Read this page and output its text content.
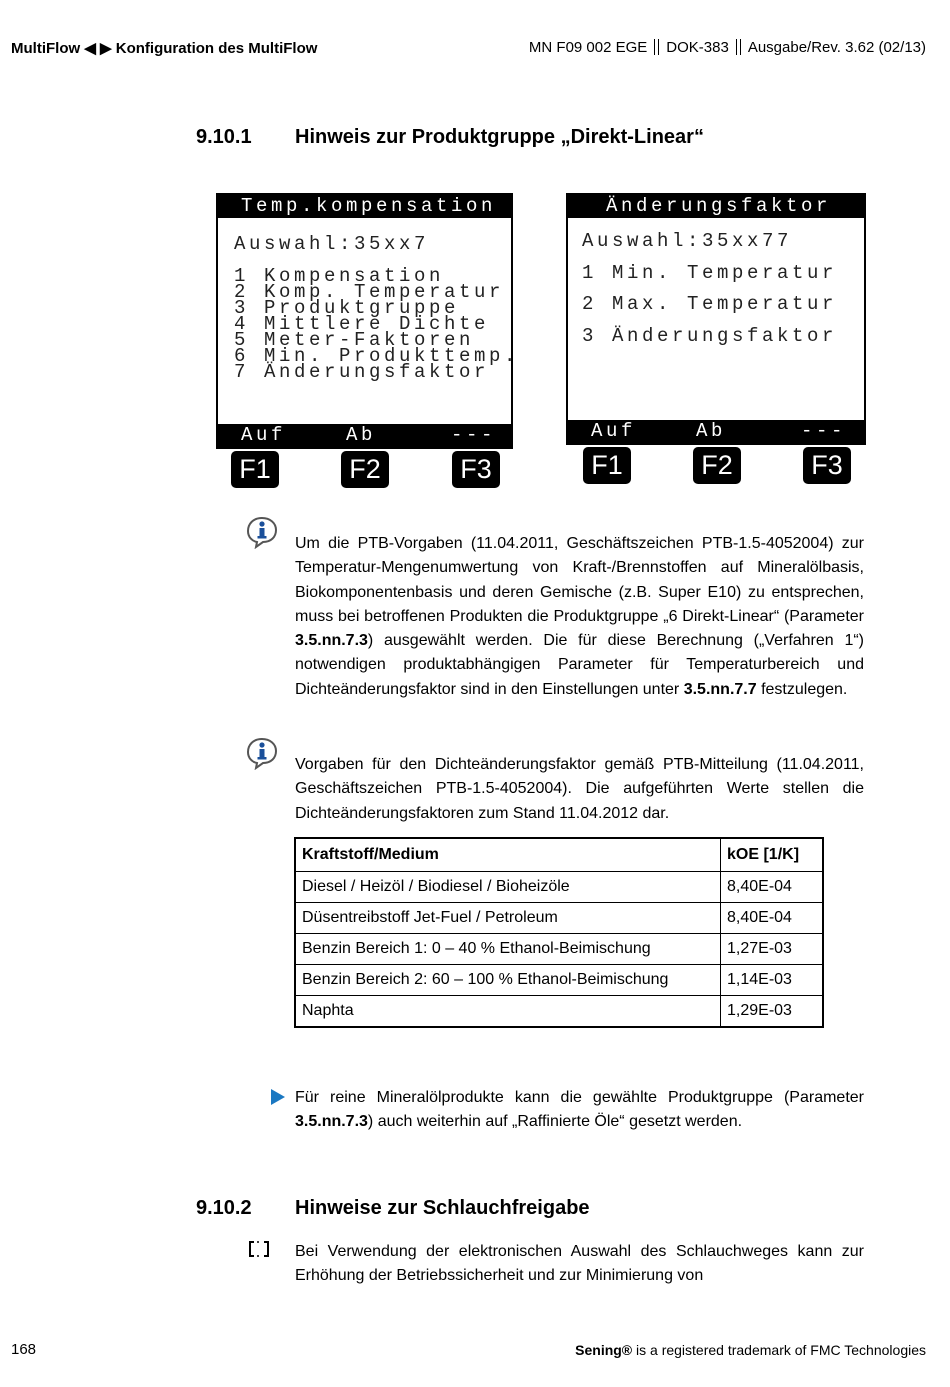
MultiFlow ◀ ▶ Konfiguration des MultiFlow	MN F09 002 EGE DOK-383 Ausgabe/Rev. 3.62 (02/13)
9.10.1 Hinweis zur Produktgruppe „Direkt-Linear“
Temp.kompensation
Auswahl:35xx7
1 Kompensation
2 Komp. Temperatur
3 Produktgruppe
4 Mittlere Dichte
5 Meter-Faktoren
6 Min. Produkttemp.
7 Änderungsfaktor
Auf    Ab     ---
F1	F2	F3
Änderungsfaktor
Auswahl:35xx77
1 Min. Temperatur
2 Max. Temperatur
3 Änderungsfaktor
Auf    Ab     ---
F1	F2	F3
Um die PTB-Vorgaben (11.04.2011, Geschäftszeichen PTB-1.5-4052004) zur Temperatur-Mengenumwertung von Kraft-/Brennstoffen auf Mineralölbasis, Biokomponentenbasis und deren Gemische (z.B. Super E10) zu entsprechen, muss bei betroffenen Produkten die Produktgruppe „6 Direkt-Linear“ (Parameter 3.5.nn.7.3) ausgewählt werden. Die für diese Berechnung („Verfahren 1“) notwendigen produktabhängigen Parameter für Temperaturbereich und Dichteänderungsfaktor sind in den Einstellungen unter 3.5.nn.7.7 festzulegen.
Vorgaben für den Dichteänderungsfaktor gemäß PTB-Mitteilung (11.04.2011, Geschäftszeichen PTB-1.5-4052004). Die aufgeführten Werte stellen die Dichteänderungsfaktoren zum Stand 11.04.2012 dar.
Kraftstoff/Medium	kOE [1/K]
Diesel / Heizöl / Biodiesel / Bioheizöle	8,40E-04
Düsentreibstoff Jet-Fuel / Petroleum	8,40E-04
Benzin Bereich 1: 0 – 40 % Ethanol-Beimischung	1,27E-03
Benzin Bereich 2: 60 – 100 % Ethanol-Beimischung	1,14E-03
Naphta	1,29E-03
Für reine Mineralölprodukte kann die gewählte Produktgruppe (Parameter 3.5.nn.7.3) auch weiterhin auf „Raffinierte Öle“ gesetzt werden.
9.10.2 Hinweise zur Schlauchfreigabe
Bei Verwendung der elektronischen Auswahl des Schlauchweges kann zur Erhöhung der Betriebssicherheit und zur Minimierung von
168	Sening® is a registered trademark of FMC Technologies
